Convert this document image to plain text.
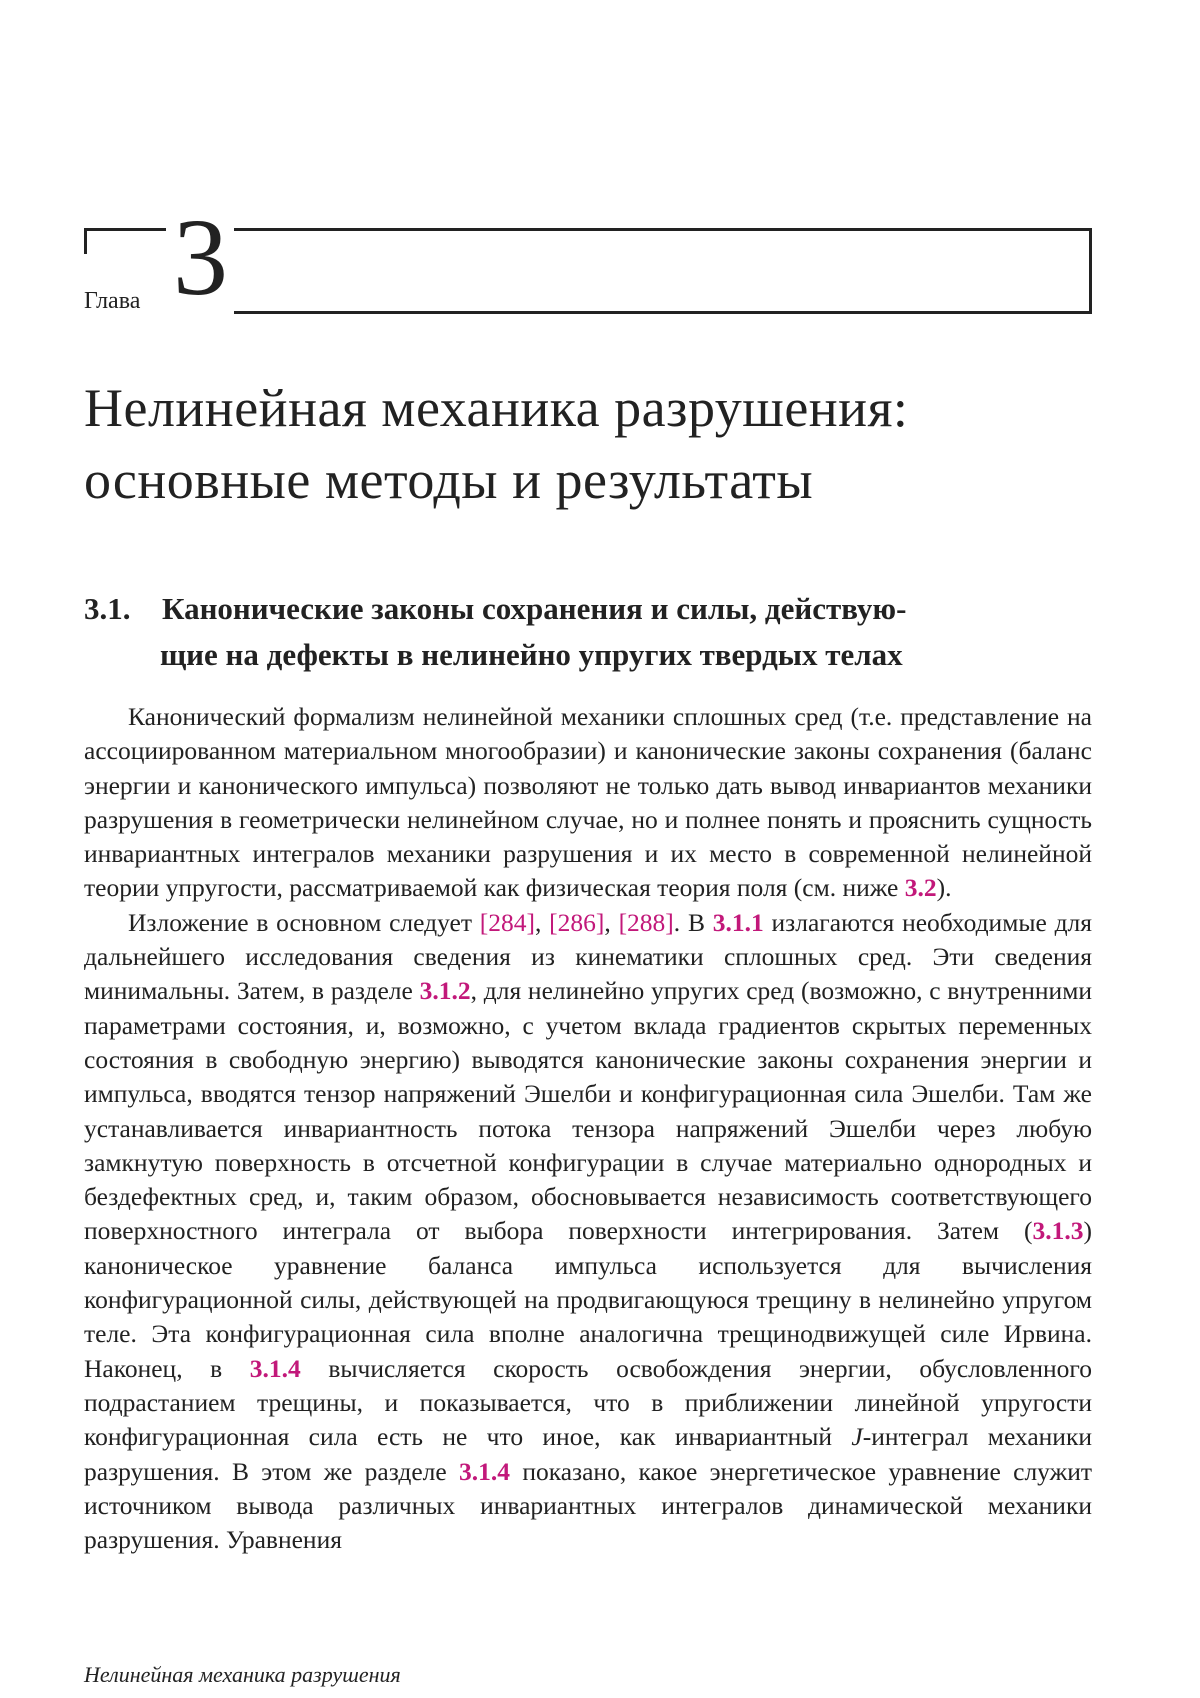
Глава 3
Нелинейная механика разрушения:
основные методы и результаты
3.1. Канонические законы сохранения и силы, действую-
щие на дефекты в нелинейно упругих твердых телах

Канонический формализм нелинейной механики сплошных сред (т.е. представление на ассоциированном материальном многообразии) и канонические законы сохранения (баланс энергии и канонического импульса) позволяют не только дать вывод инвариантов механики разрушения в геометрически нелинейном случае, но и полнее понять и прояснить сущность инвариантных интегралов механики разрушения и их место в современной нелинейной теории упругости, рассматриваемой как физическая теория поля (см. ниже 3.2).

Изложение в основном следует [284], [286], [288]. В 3.1.1 излагаются необходимые для дальнейшего исследования сведения из кинематики сплошных сред. Эти сведения минимальны. Затем, в разделе 3.1.2, для нелинейно упругих сред (возможно, с внутренними параметрами состояния, и, возможно, с учетом вклада градиентов скрытых переменных состояния в свободную энергию) выводятся канонические законы сохранения энергии и импульса, вводятся тензор напряжений Эшелби и конфигурационная сила Эшелби. Там же устанавливается инвариантность потока тензора напряжений Эшелби через любую замкнутую поверхность в отсчетной конфигурации в случае материально однородных и бездефектных сред, и, таким образом, обосновывается независимость соответствующего поверхностного интеграла от выбора поверхности интегрирования. Затем (3.1.3) каноническое уравнение баланса импульса используется для вычисления конфигурационной силы, действующей на продвигающуюся трещину в нелинейно упругом теле. Эта конфигурационная сила вполне аналогична трещинодвижущей силе Ирвина. Наконец, в 3.1.4 вычисляется скорость освобождения энергии, обусловленного подрастанием трещины, и показывается, что в приближении линейной упругости конфигурационная сила есть не что иное, как инвариантный J-интеграл механики разрушения. В этом же разделе 3.1.4 показано, какое энергетическое уравнение служит источником вывода различных инвариантных интегралов динамической механики разрушения. Уравнения

Нелинейная механика разрушения
